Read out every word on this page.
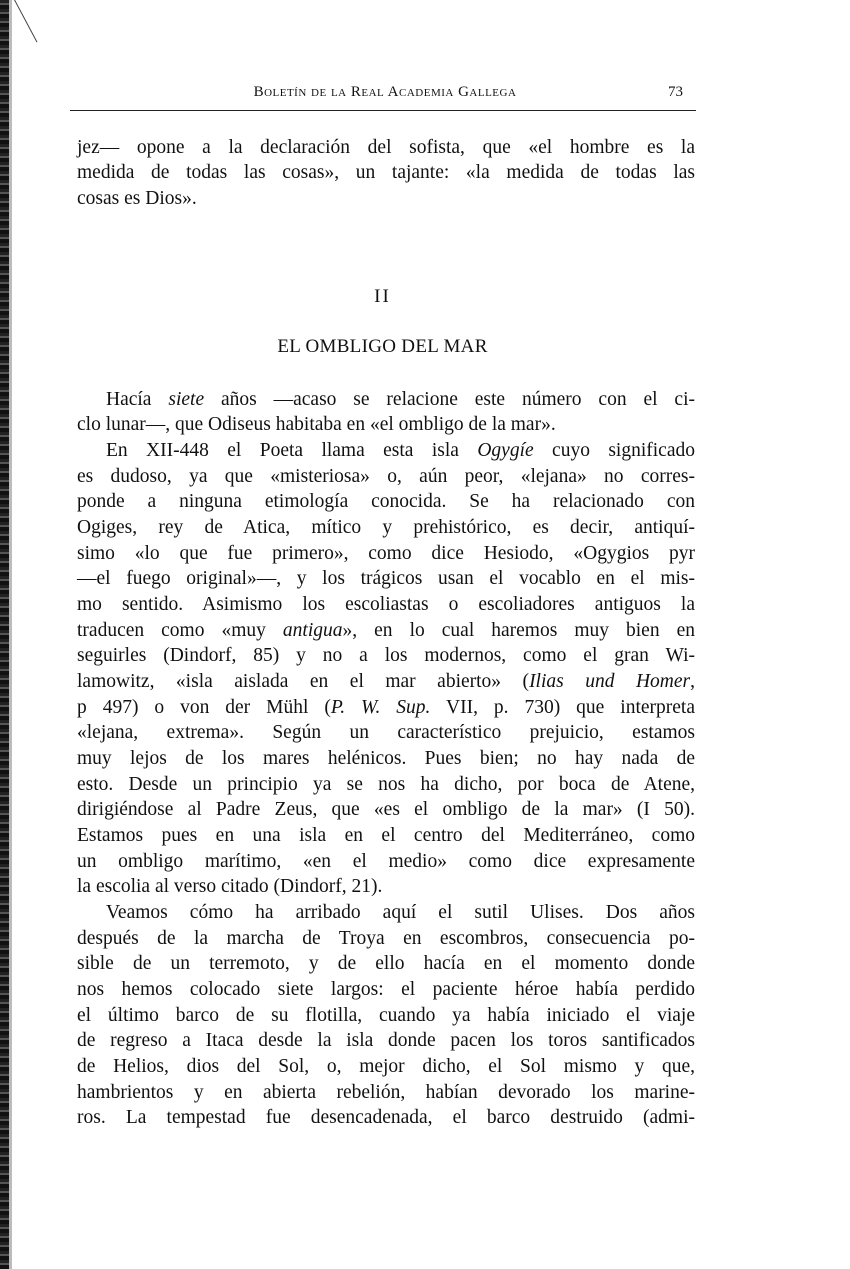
Boletín de la Real Academia Gallega	73
II
EL OMBLIGO DEL MAR
jez— opone a la declaración del sofista, que «el hombre es la
medida de todas las cosas», un tajante: «la medida de todas las
cosas es Dios».
Hacía siete años —acaso se relacione este número con el ci-
clo lunar—, que Odiseus habitaba en «el ombligo de la mar».
En XII-448 el Poeta llama esta isla Ogygíe cuyo significado
es dudoso, ya que «misteriosa» o, aún peor, «lejana» no corres-
ponde a ninguna etimología conocida. Se ha relacionado con
Ogiges, rey de Atica, mítico y prehistórico, es decir, antiquí-
simo «lo que fue primero», como dice Hesiodo, «Ogygios pyr
—el fuego original»—, y los trágicos usan el vocablo en el mis-
mo sentido. Asimismo los escoliastas o escoliadores antiguos la
traducen como «muy antigua», en lo cual haremos muy bien en
seguirles (Dindorf, 85) y no a los modernos, como el gran Wi-
lamowitz, «isla aislada en el mar abierto» (Ilias und Homer,
p 497) o von der Mühl (P. W. Sup. VII, p. 730) que interpreta
«lejana, extrema». Según un característico prejuicio, estamos
muy lejos de los mares helénicos. Pues bien; no hay nada de
esto. Desde un principio ya se nos ha dicho, por boca de Atene,
dirigiéndose al Padre Zeus, que «es el ombligo de la mar» (I 50).
Estamos pues en una isla en el centro del Mediterráneo, como
un ombligo marítimo, «en el medio» como dice expresamente
la escolia al verso citado (Dindorf, 21).
Veamos cómo ha arribado aquí el sutil Ulises. Dos años
después de la marcha de Troya en escombros, consecuencia po-
sible de un terremoto, y de ello hacía en el momento donde
nos hemos colocado siete largos: el paciente héroe había perdido
el último barco de su flotilla, cuando ya había iniciado el viaje
de regreso a Itaca desde la isla donde pacen los toros santificados
de Helios, dios del Sol, o, mejor dicho, el Sol mismo y que,
hambrientos y en abierta rebelión, habían devorado los marine-
ros. La tempestad fue desencadenada, el barco destruido (admi-
